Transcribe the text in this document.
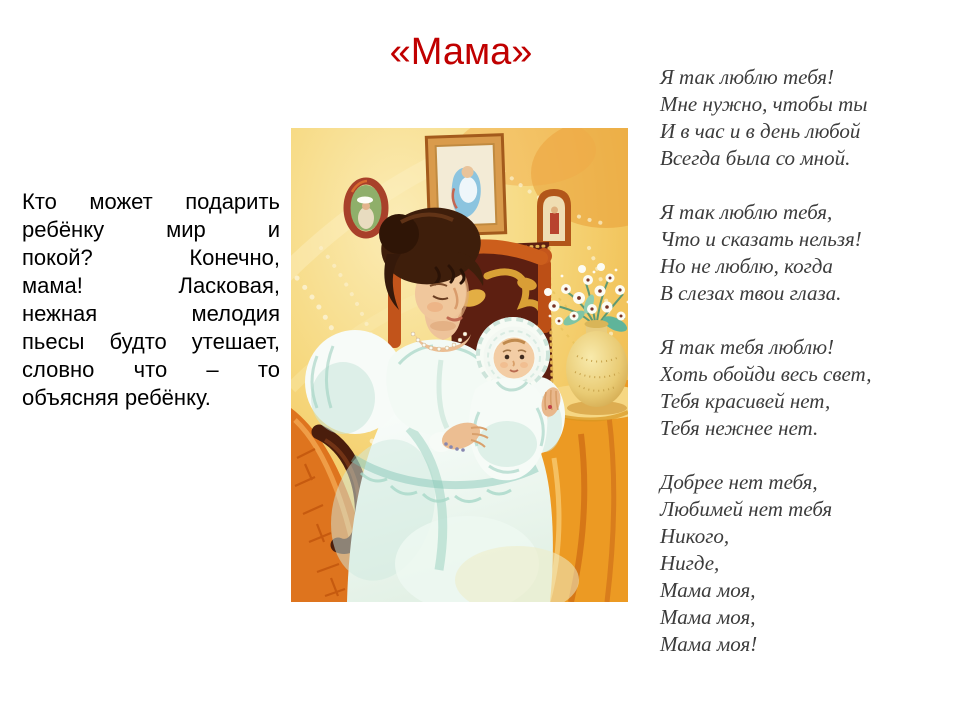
«Мама»
Кто может подарить
ребёнку мир и
покой? Конечно,
мама! Ласковая,
нежная мелодия
пьесы будто утешает,
словно что – то
объясняя ребёнку.
Я так люблю тебя!
Мне нужно, чтобы ты
И в час и в день любой
Всегда была со мной.
Я так люблю тебя,
Что и сказать нельзя!
Но не люблю, когда
В слезах твои глаза.
Я так тебя люблю!
Хоть обойди весь свет,
Тебя красивей нет,
Тебя нежнее нет.
Добрее нет тебя,
Любимей нет тебя
Никого,
Нигде,
Мама моя,
Мама моя,
Мама моя!
